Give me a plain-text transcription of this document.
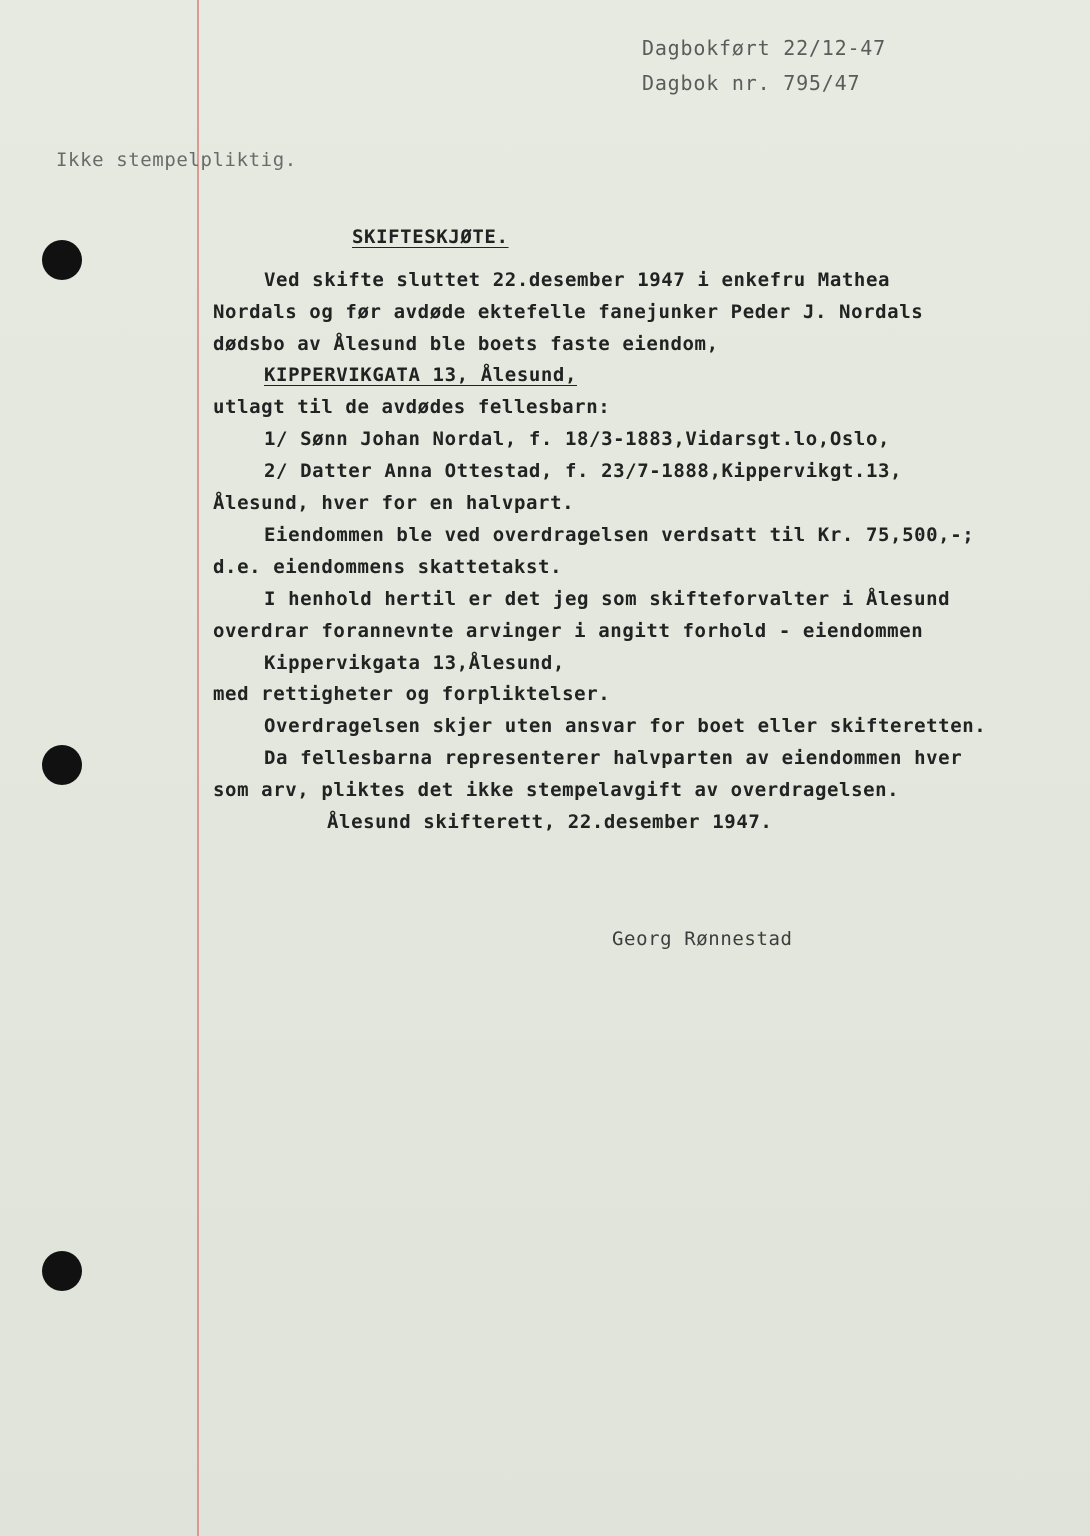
Dagbokført 22/12-47
Dagbok nr. 795/47
Ikke stempelpliktig.
SKIFTESKJØTE.
Ved skifte sluttet 22.desember 1947 i enkefru Mathea
Nordals og før avdøde ektefelle fanejunker Peder J. Nordals
dødsbo av Ålesund ble boets faste eiendom,
KIPPERVIKGATA 13, Ålesund,
utlagt til de avdødes fellesbarn:
1/ Sønn Johan Nordal, f. 18/3-1883,Vidarsgt.lo,Oslo,
2/ Datter Anna Ottestad, f. 23/7-1888,Kippervikgt.13,
Ålesund, hver for en halvpart.
Eiendommen ble ved overdragelsen verdsatt til Kr. 75,500,-;
d.e. eiendommens skattetakst.
I henhold hertil er det jeg som skifteforvalter i Ålesund
overdrar forannevnte arvinger i angitt forhold - eiendommen
Kippervikgata 13,Ålesund,
med rettigheter og forpliktelser.
Overdragelsen skjer uten ansvar for boet eller skifteretten.
Da fellesbarna representerer halvparten av eiendommen hver
som arv, pliktes det ikke stempelavgift av overdragelsen.
Ålesund skifterett, 22.desember 1947.
Georg Rønnestad
